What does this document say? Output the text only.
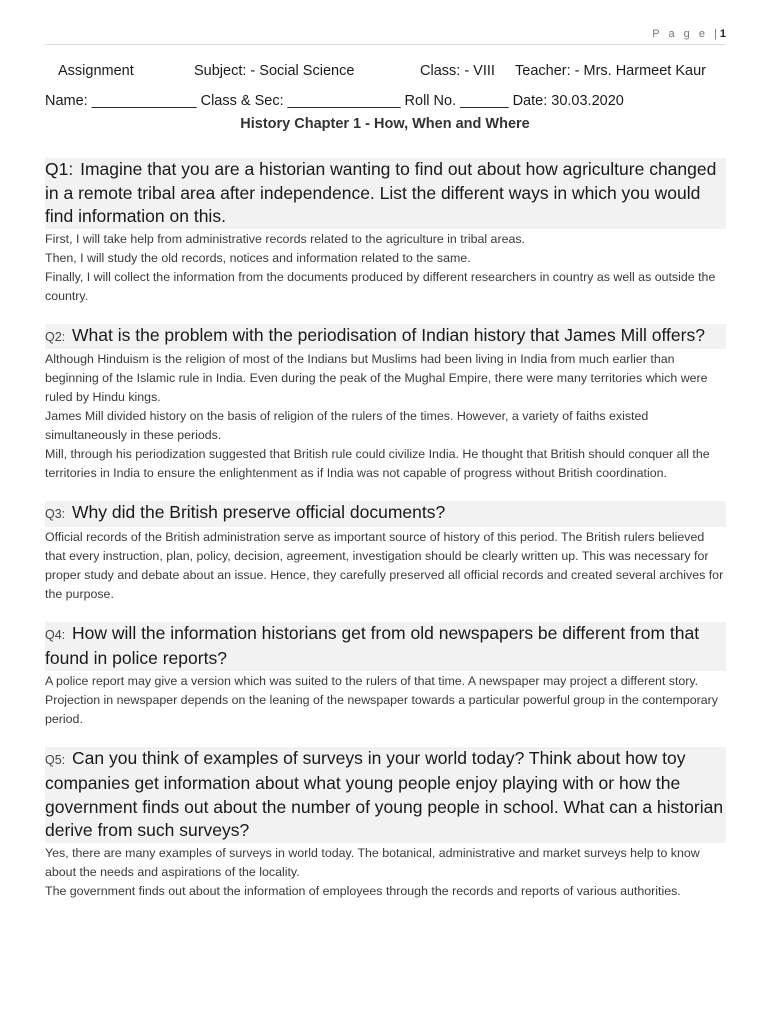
P a g e |1
Assignment	Subject: - Social Science	Class: - VIII Teacher: - Mrs. Harmeet Kaur
Name: _____________ Class & Sec: ______________ Roll No. ______ Date: 30.03.2020
History Chapter 1 - How, When and Where
Q1: Imagine that you are a historian wanting to find out about how agriculture changed in a remote tribal area after independence. List the different ways in which you would find information on this.

First, I will take help from administrative records related to the agriculture in tribal areas.

Then, I will study the old records, notices and information related to the same.

Finally, I will collect the information from the documents produced by different researchers in country as well as outside the country.

Q2: What is the problem with the periodisation of Indian history that James Mill offers?

Although Hinduism is the religion of most of the Indians but Muslims had been living in India from much earlier than beginning of the Islamic rule in India. Even during the peak of the Mughal Empire, there were many territories which were ruled by Hindu kings.

James Mill divided history on the basis of religion of the rulers of the times. However, a variety of faiths existed simultaneously in these periods.

Mill, through his periodization suggested that British rule could civilize India. He thought that British should conquer all the territories in India to ensure the enlightenment as if India was not capable of progress without British coordination.

Q3: Why did the British preserve official documents?

Official records of the British administration serve as important source of history of this period. The British rulers believed that every instruction, plan, policy, decision, agreement, investigation should be clearly written up. This was necessary for proper study and debate about an issue. Hence, they carefully preserved all official records and created several archives for the purpose.

Q4: How will the information historians get from old newspapers be different from that found in police reports?

A police report may give a version which was suited to the rulers of that time. A newspaper may project a different story. Projection in newspaper depends on the leaning of the newspaper towards a particular powerful group in the contemporary period.

Q5: Can you think of examples of surveys in your world today? Think about how toy companies get information about what young people enjoy playing with or how the government finds out about the number of young people in school. What can a historian derive from such surveys?

Yes, there are many examples of surveys in world today. The botanical, administrative and market surveys help to know about the needs and aspirations of the locality.

The government finds out about the information of employees through the records and reports of various authorities.
